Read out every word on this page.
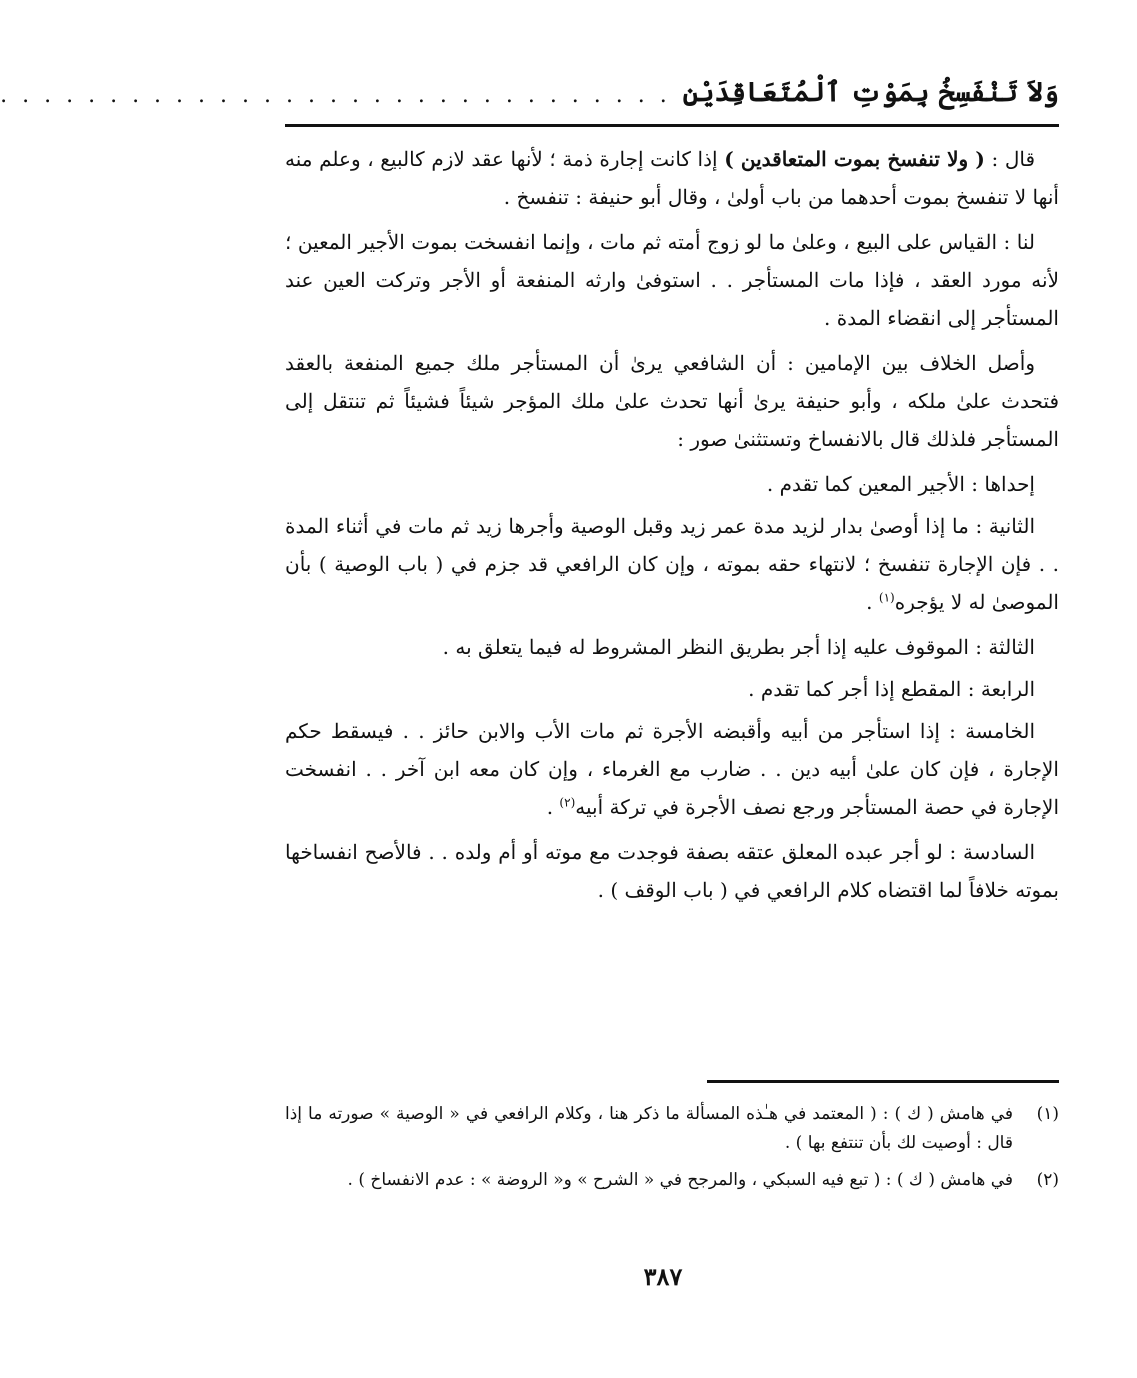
وَلاَ تَنْفَسِخُ بِمَوْتِ ٱلْمُتَعَاقِدَيْنِ
. . . . . . . . . . . . . . . . . . . . . . . . . . . . . . .

قال : ( ولا تنفسخ بموت المتعاقدين ) إذا كانت إجارة ذمة ؛ لأنها عقد لازم كالبيع ، وعلم منه أنها لا تنفسخ بموت أحدهما من باب أولىٰ ، وقال أبو حنيفة : تنفسخ .

لنا : القياس على البيع ، وعلىٰ ما لو زوج أمته ثم مات ، وإنما انفسخت بموت الأجير المعين ؛ لأنه مورد العقد ، فإذا مات المستأجر . . استوفىٰ وارثه المنفعة أو الأجر وتركت العين عند المستأجر إلى انقضاء المدة .

وأصل الخلاف بين الإمامين : أن الشافعي يرىٰ أن المستأجر ملك جميع المنفعة بالعقد فتحدث علىٰ ملكه ، وأبو حنيفة يرىٰ أنها تحدث علىٰ ملك المؤجر شيئاً فشيئاً ثم تنتقل إلى المستأجر فلذلك قال بالانفساخ وتستثنىٰ صور :

إحداها : الأجير المعين كما تقدم .

الثانية : ما إذا أوصىٰ بدار لزيد مدة عمر زيد وقبل الوصية وأجرها زيد ثم مات في أثناء المدة . . فإن الإجارة تنفسخ ؛ لانتهاء حقه بموته ، وإن كان الرافعي قد جزم في ( باب الوصية ) بأن الموصىٰ له لا يؤجره$^{(١)}$ .

الثالثة : الموقوف عليه إذا أجر بطريق النظر المشروط له فيما يتعلق به .

الرابعة : المقطع إذا أجر كما تقدم .

الخامسة : إذا استأجر من أبيه وأقبضه الأجرة ثم مات الأب والابن حائز . . فيسقط حكم الإجارة ، فإن كان علىٰ أبيه دين . . ضارب مع الغرماء ، وإن كان معه ابن آخر . . انفسخت الإجارة في حصة المستأجر ورجع نصف الأجرة في تركة أبيه$^{(٢)}$ .

السادسة : لو أجر عبده المعلق عتقه بصفة فوجدت مع موته أو أم ولده . . فالأصح انفساخها بموته خلافاً لما اقتضاه كلام الرافعي في ( باب الوقف ) .

(١)
في هامش ( ك ) : ( المعتمد في هـٰذه المسألة ما ذكر هنا ، وكلام الرافعي في « الوصية » صورته ما إذا قال : أوصيت لك بأن تنتفع بها ) .
(٢)
في هامش ( ك ) : ( تبع فيه السبكي ، والمرجح في « الشرح » و« الروضة » : عدم الانفساخ ) .
٣٨٧
